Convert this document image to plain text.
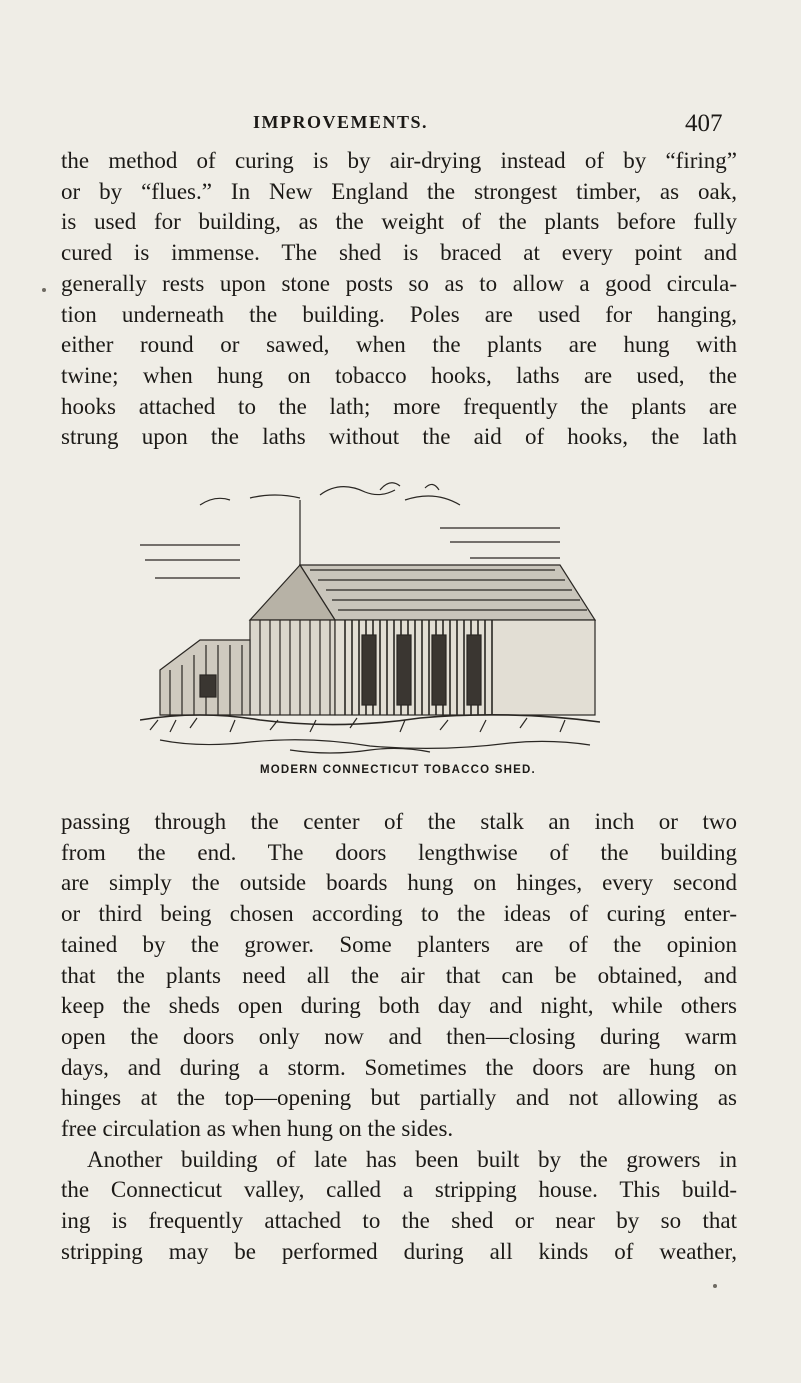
IMPROVEMENTS.	407
the method of curing is by air-drying instead of by “firing”
or by “flues.” In New England the strongest timber, as oak,
is used for building, as the weight of the plants before fully
cured is immense. The shed is braced at every point and
generally rests upon stone posts so as to allow a good circula-
tion underneath the building. Poles are used for hanging,
either round or sawed, when the plants are hung with
twine; when hung on tobacco hooks, laths are used, the
hooks attached to the lath; more frequently the plants are
strung upon the laths without the aid of hooks, the lath
MODERN CONNECTICUT TOBACCO SHED.
passing through the center of the stalk an inch or two
from the end. The doors lengthwise of the building
are simply the outside boards hung on hinges, every second
or third being chosen according to the ideas of curing enter-
tained by the grower. Some planters are of the opinion
that the plants need all the air that can be obtained, and
keep the sheds open during both day and night, while others
open the doors only now and then—closing during warm
days, and during a storm. Sometimes the doors are hung on
hinges at the top—opening but partially and not allowing as
free circulation as when hung on the sides.
Another building of late has been built by the growers in
the Connecticut valley, called a stripping house. This build-
ing is frequently attached to the shed or near by so that
stripping may be performed during all kinds of weather,
